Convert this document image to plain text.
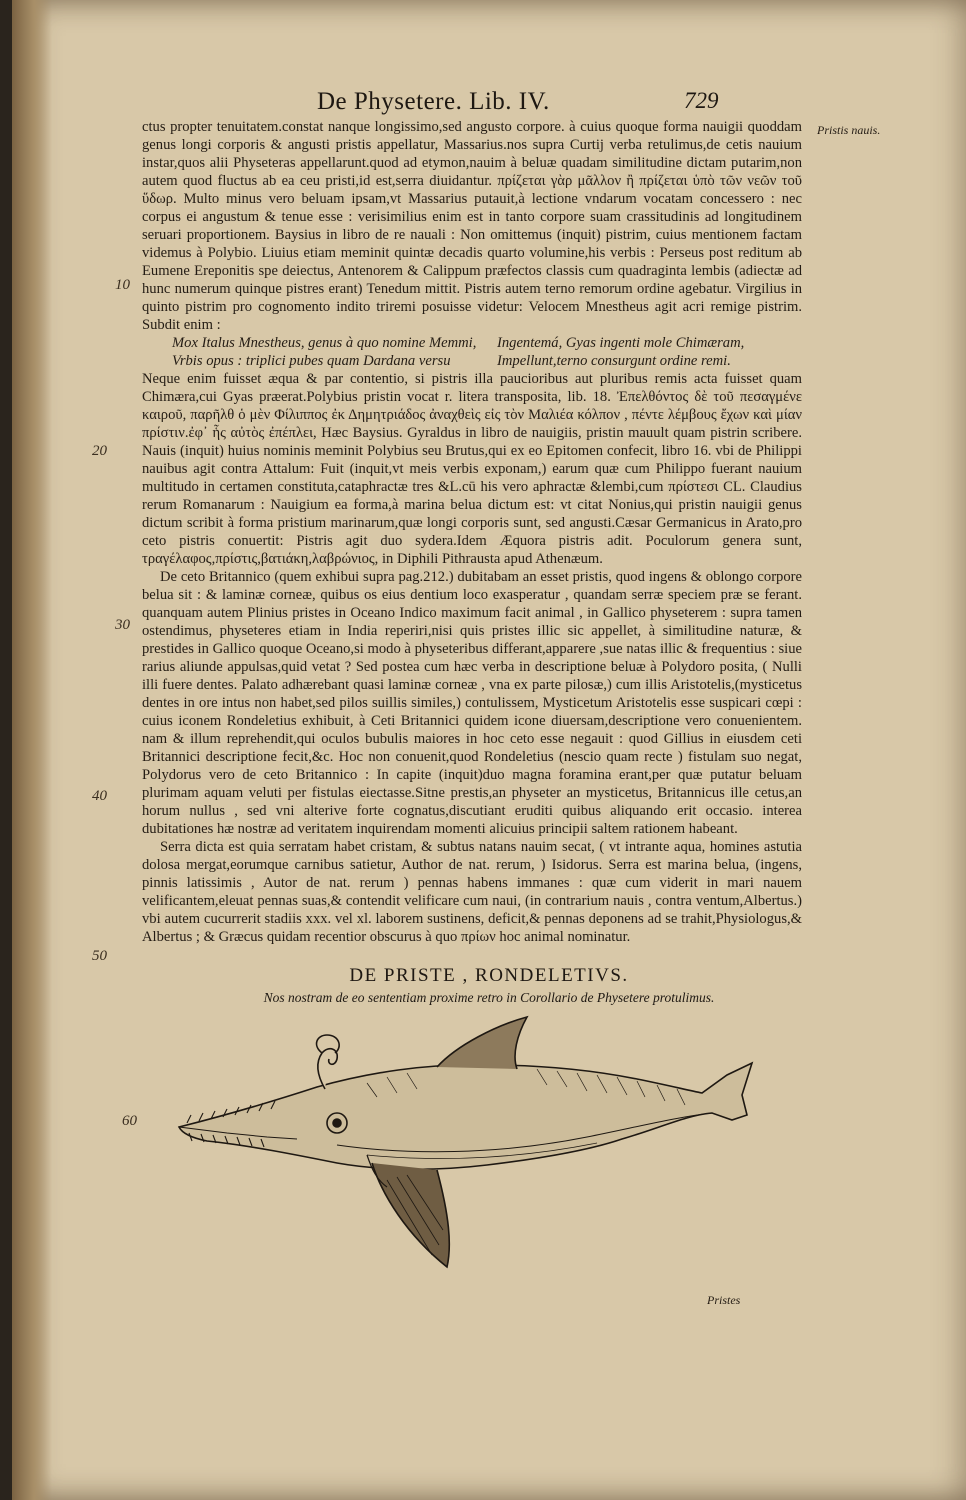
De Physetere. Lib. IV.	729
Pristis nauis.
10
20
30
40
50
60

ctus propter tenuitatem.constat nanque longissimo,sed angusto corpore. à cuius quoque forma nauigii quoddam genus longi corporis & angusti pristis appellatur, Massarius.nos supra Curtij verba retulimus,de cetis nauium instar,quos alii Physeteras appellarunt.quod ad etymon,nauim à beluæ quadam similitudine dictam putarim,non autem quod fluctus ab ea ceu pristi,id est,serra diuidantur. πρίζεται γὰρ μᾶλλον ἢ πρίζεται ὑπὸ τῶν νεῶν τοῦ ὕδωρ. Multo minus vero beluam ipsam,vt Massarius putauit,à lectione vndarum vocatam concessero : nec corpus ei angustum & tenue esse : verisimilius enim est in tanto corpore suam crassitudinis ad longitudinem seruari proportionem. Baysius in libro de re nauali : Non omittemus (inquit) pistrim, cuius mentionem factam videmus à Polybio. Liuius etiam meminit quintæ decadis quarto volumine,his verbis : Perseus post reditum ab Eumene Ereponitis spe deiectus, Antenorem & Calippum præfectos classis cum quadraginta lembis (adiectæ ad hunc numerum quinque pistres erant) Tenedum mittit. Pistris autem terno remorum ordine agebatur. Virgilius in quinto pistrim pro cognomento indito triremi posuisse videtur: Velocem Mnestheus agit acri remige pistrim. Subdit enim :

Mox Italus Mnestheus, genus à quo nomine Memmi, Ingentemá, Gyas ingenti mole Chimæram,
Vrbis opus : triplici pubes quam Dardana versu	Impellunt,terno consurgunt ordine remi.

Neque enim fuisset æqua & par contentio, si pistris illa paucioribus aut pluribus remis acta fuisset quam Chimæra,cui Gyas præerat.Polybius pristin vocat r. litera transposita, lib. 18. Ἐπελθόντος δὲ τοῦ πεσαγμένε καιροῦ, παρῆλθ ὁ μὲν Φίλιππος ἐκ Δημητριάδος ἀναχθεὶς εἰς τὸν Μαλιέα κόλπον , πέντε λέμβους ἔχων καὶ μίαν πρίστιν.ἐφ᾽ ἧς αὐτὸς ἐπέπλει, Hæc Baysius. Gyraldus in libro de nauigiis, pristin mauult quam pistrin scribere. Nauis (inquit) huius nominis meminit Polybius seu Brutus,qui ex eo Epitomen confecit, libro 16. vbi de Philippi nauibus agit contra Attalum: Fuit (inquit,vt meis verbis exponam,) earum quæ cum Philippo fuerant nauium multitudo in certamen constituta,cataphractæ tres &L.cū his vero aphractæ &lembi,cum πρίστεσι CL. Claudius rerum Romanarum : Nauigium ea forma,à marina belua dictum est: vt citat Nonius,qui pristin nauigii genus dictum scribit à forma pristium marinarum,quæ longi corporis sunt, sed angusti.Cæsar Germanicus in Arato,pro ceto pistris conuertit: Pistris agit duo sydera.Idem Æquora pistris adit. Poculorum genera sunt, τραγέλαφος,πρίστις,βατιάκη,λαβρώνιος, in Diphili Pithrausta apud Athenæum.

De ceto Britannico (quem exhibui supra pag.212.) dubitabam an esset pristis, quod ingens & oblongo corpore belua sit : & laminæ corneæ, quibus os eius dentium loco exasperatur , quandam serræ speciem præ se ferant. quanquam autem Plinius pristes in Oceano Indico maximum facit animal , in Gallico physeterem : supra tamen ostendimus, physeteres etiam in India reperiri,nisi quis pristes illic sic appellet, à similitudine naturæ, & prestides in Gallico quoque Oceano,si modo à physeteribus differant,apparere ,sue natas illic & frequentius : siue rarius aliunde appulsas,quid vetat ? Sed postea cum hæc verba in descriptione beluæ à Polydoro posita, ( Nulli illi fuere dentes. Palato adhærebant quasi laminæ corneæ , vna ex parte pilosæ,) cum illis Aristotelis,(mysticetus dentes in ore intus non habet,sed pilos suillis similes,) contulissem, Mysticetum Aristotelis esse suspicari cœpi : cuius iconem Rondeletius exhibuit, à Ceti Britannici quidem icone diuersam,descriptione vero conuenientem. nam & illum reprehendit,qui oculos bubulis maiores in hoc ceto esse negauit : quod Gillius in eiusdem ceti Britannici descriptione fecit,&c. Hoc non conuenit,quod Rondeletius (nescio quam recte ) fistulam suo negat, Polydorus vero de ceto Britannico : In capite (inquit)duo magna foramina erant,per quæ putatur beluam plurimam aquam veluti per fistulas eiectasse.Sitne prestis,an physeter an mysticetus, Britannicus ille cetus,an horum nullus , sed vni alterive forte cognatus,discutiant eruditi quibus aliquando erit occasio. interea dubitationes hæ nostræ ad veritatem inquirendam momenti alicuius principii saltem rationem habeant.

Serra dicta est quia serratam habet cristam, & subtus natans nauim secat, ( vt intrante aqua, homines astutia dolosa mergat,eorumque carnibus satietur, Author de nat. rerum, ) Isidorus. Serra est marina belua, (ingens, pinnis latissimis , Autor de nat. rerum ) pennas habens immanes : quæ cum viderit in mari nauem velificantem,eleuat pennas suas,& contendit velificare cum naui, (in contrarium nauis , contra ventum,Albertus.) vbi autem cucurrerit stadiis xxx. vel xl. laborem sustinens, deficit,& pennas deponens ad se trahit,Physiologus,& Albertus ; & Græcus quidam recentior obscurus à quo πρίων hoc animal nominatur.

DE PRISTE , RONDELETIVS.
Nos nostram de eo sententiam proxime retro in Corollario de Physetere protulimus.
Pristes
